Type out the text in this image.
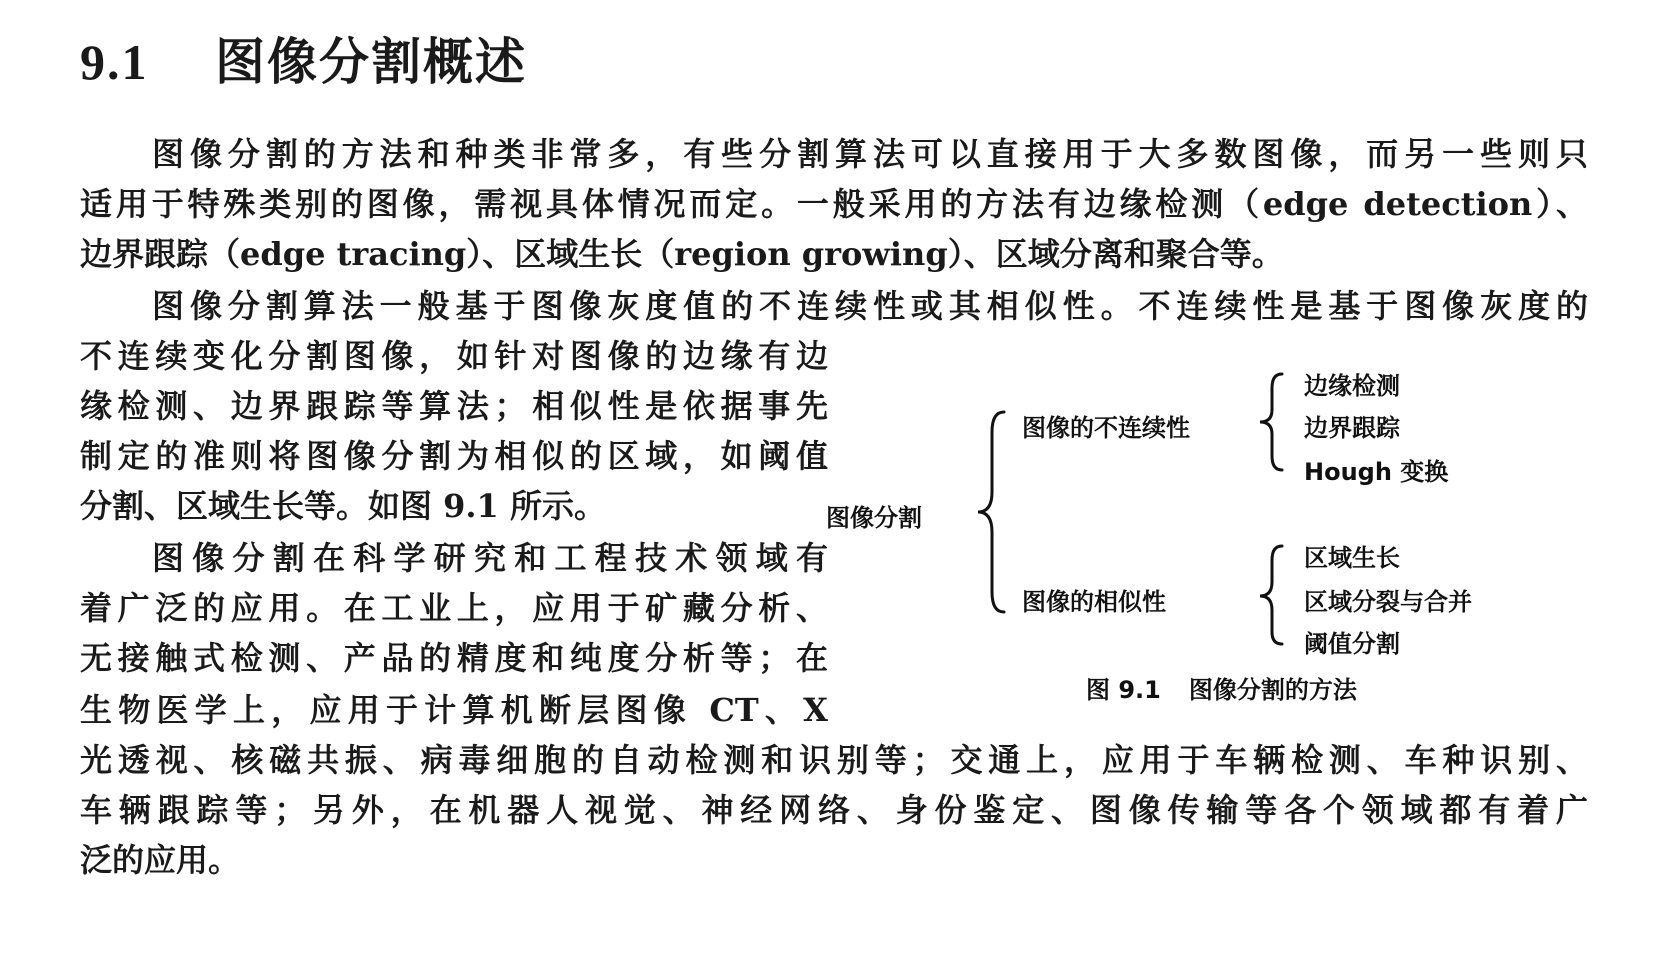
9.1 图像分割概述
图像分割的方法和种类非常多，有些分割算法可以直接用于大多数图像，而另一些则只
适用于特殊类别的图像，需视具体情况而定。一般采用的方法有边缘检测（edge detection）、
边界跟踪（edge tracing）、区域生长（region growing）、区域分离和聚合等。
图像分割算法一般基于图像灰度值的不连续性或其相似性。不连续性是基于图像灰度的
不连续变化分割图像，如针对图像的边缘有边
缘检测、边界跟踪等算法；相似性是依据事先
制定的准则将图像分割为相似的区域，如阈值
分割、区域生长等。如图 9.1 所示。
图像分割在科学研究和工程技术领域有
着广泛的应用。在工业上，应用于矿藏分析、
无接触式检测、产品的精度和纯度分析等；在
生物医学上，应用于计算机断层图像 CT、X
光透视、核磁共振、病毒细胞的自动检测和识别等；交通上，应用于车辆检测、车种识别、
车辆跟踪等；另外，在机器人视觉、神经网络、身份鉴定、图像传输等各个领域都有着广
泛的应用。
图像分割
图像的不连续性
图像的相似性
边缘检测
边界跟踪
Hough 变换
区域生长
区域分裂与合并
阈值分割
图 9.1 图像分割的方法
